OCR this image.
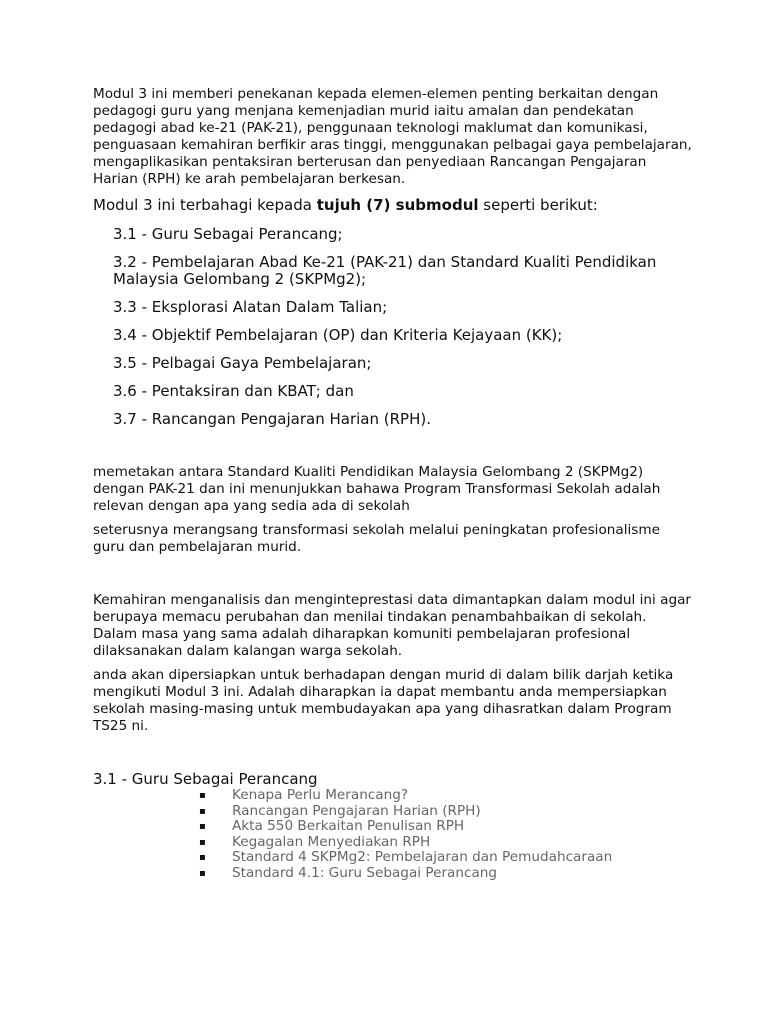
Modul 3 ini memberi penekanan kepada elemen-elemen penting berkaitan dengan pedagogi guru yang menjana kemenjadian murid iaitu amalan dan pendekatan pedagogi abad ke-21 (PAK-21), penggunaan teknologi maklumat dan komunikasi, penguasaan kemahiran berfikir aras tinggi, menggunakan pelbagai gaya pembelajaran, mengaplikasikan pentaksiran berterusan dan penyediaan Rancangan Pengajaran Harian (RPH) ke arah pembelajaran berkesan.

Modul 3 ini terbahagi kepada tujuh (7) submodul seperti berikut:

3.1 - Guru Sebagai Perancang;
3.2 - Pembelajaran Abad Ke-21 (PAK-21) dan Standard Kualiti Pendidikan Malaysia Gelombang 2 (SKPMg2);
3.3 - Eksplorasi Alatan Dalam Talian;
3.4 - Objektif Pembelajaran (OP) dan Kriteria Kejayaan (KK);
3.5 - Pelbagai Gaya Pembelajaran;
3.6 - Pentaksiran dan KBAT; dan
3.7 - Rancangan Pengajaran Harian (RPH).

memetakan antara Standard Kualiti Pendidikan Malaysia Gelombang 2 (SKPMg2) dengan PAK-21 dan ini menunjukkan bahawa Program Transformasi Sekolah adalah relevan dengan apa yang sedia ada di sekolah

seterusnya merangsang transformasi sekolah melalui peningkatan profesionalisme guru dan pembelajaran murid.

Kemahiran menganalisis dan menginteprestasi data dimantapkan dalam modul ini agar berupaya memacu perubahan dan menilai tindakan penambahbaikan di sekolah. Dalam masa yang sama adalah diharapkan komuniti pembelajaran profesional dilaksanakan dalam kalangan warga sekolah.

anda akan dipersiapkan untuk berhadapan dengan murid di dalam bilik darjah ketika mengikuti Modul 3 ini. Adalah diharapkan ia dapat membantu anda mempersiapkan sekolah masing-masing untuk membudayakan apa yang dihasratkan dalam Program TS25 ni.

3.1 - Guru Sebagai Perancang

▪ Kenapa Perlu Merancang?
▪ Rancangan Pengajaran Harian (RPH)
▪ Akta 550 Berkaitan Penulisan RPH
▪ Kegagalan Menyediakan RPH
▪ Standard 4 SKPMg2: Pembelajaran dan Pemudahcaraan
▪ Standard 4.1: Guru Sebagai Perancang
